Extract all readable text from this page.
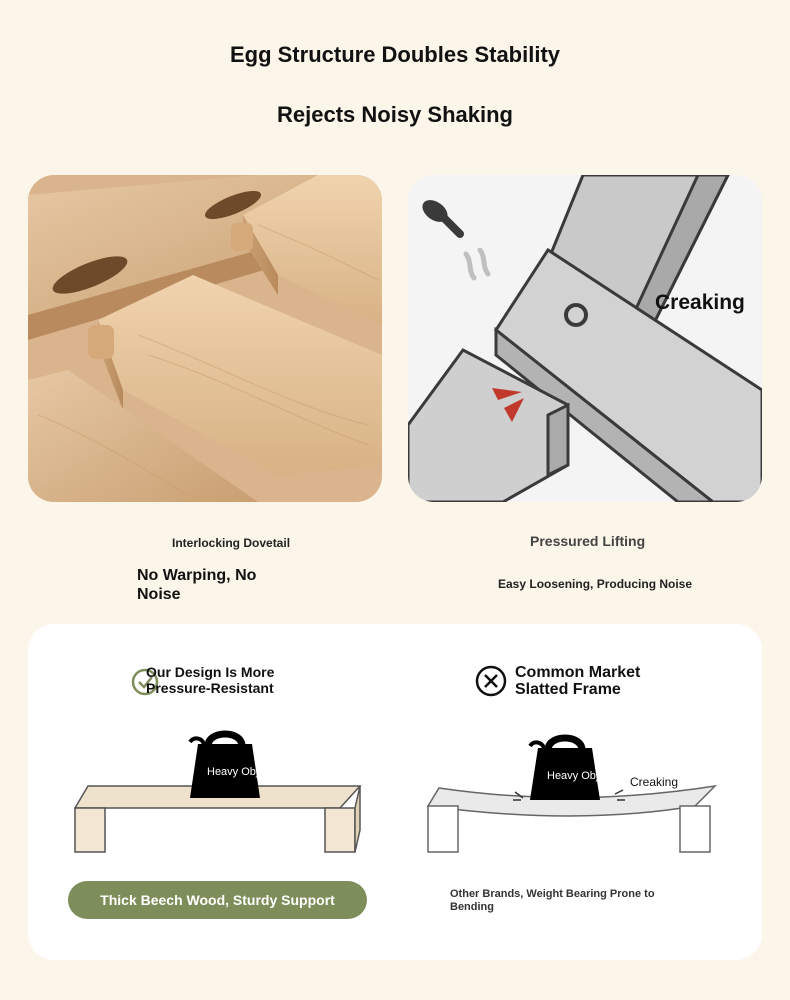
Egg Structure Doubles Stability
Rejects Noisy Shaking
Creaking
Interlocking Dovetail
No Warping, No Noise
Pressured Lifting
Easy Loosening, Producing Noise
Our Design Is More Pressure-Resistant
Common Market Slatted Frame
Heavy Objects	Heavy Objects Creaking
Thick Beech Wood, Sturdy Support	Other Brands, Weight Bearing Prone to Bending
